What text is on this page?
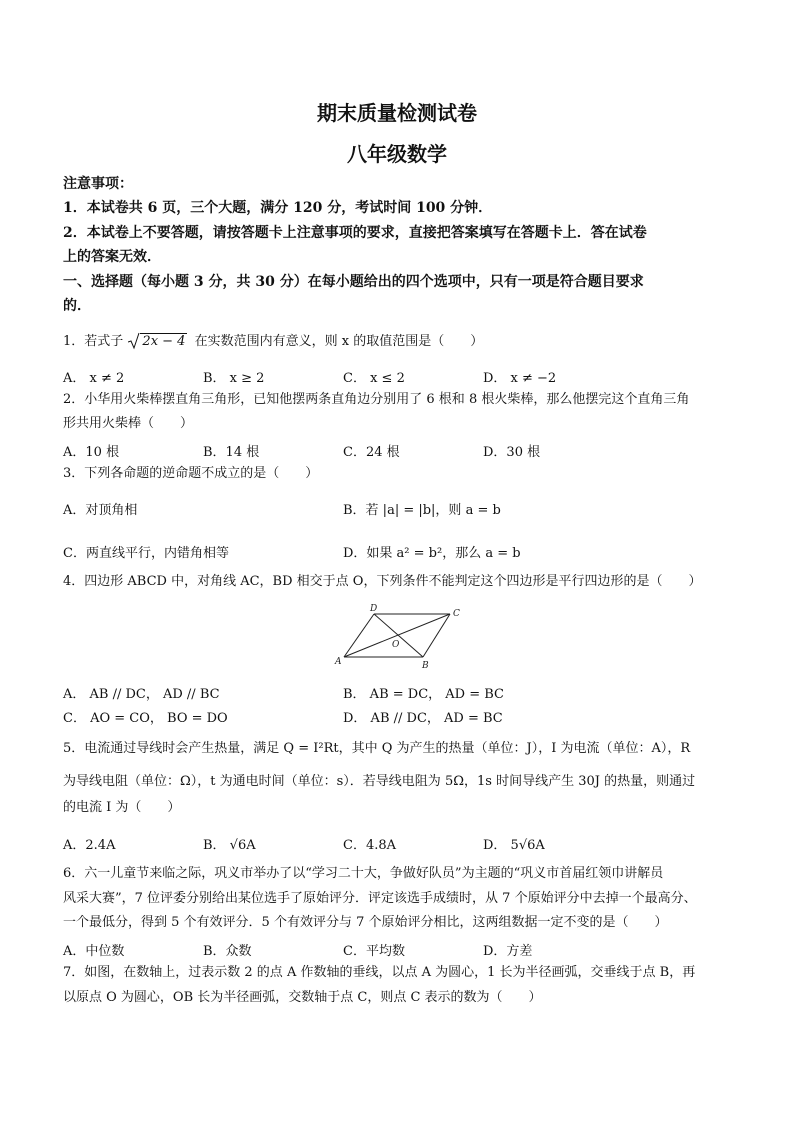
期末质量检测试卷
八年级数学
注意事项：
1．本试卷共 6 页，三个大题，满分 120 分，考试时间 100 分钟．
2．本试卷上不要答题，请按答题卡上注意事项的要求，直接把答案填写在答题卡上．答在试卷
上的答案无效．
一、选择题（每小题 3 分，共 30 分）在每小题给出的四个选项中，只有一项是符合题目要求
的．
1．若式子 2x − 4 在实数范围内有意义，则 x 的取值范围是（　　）
A． x ≠ 2	B． x ≥ 2	C． x ≤ 2	D． x ≠ −2
2．小华用火柴棒摆直角三角形，已知他摆两条直角边分别用了 6 根和 8 根火柴棒，那么他摆完这个直角三角
形共用火柴棒（　　）
A．10 根	B．14 根	C．24 根	D．30 根
3．下列各命题的逆命题不成立的是（　　）
A．对顶角相	B．若 |a| = |b|，则 a = b
C．两直线平行，内错角相等	D．如果 a² = b²，那么 a = b
4．四边形 ABCD 中，对角线 AC，BD 相交于点 O，下列条件不能判定这个四边形是平行四边形的是（　　）
A	B
C
D
O
A． AB // DC， AD // BC	B． AB = DC， AD = BC
C． AO = CO， BO = DO	D． AB // DC， AD = BC
5．电流通过导线时会产生热量，满足 Q = I²Rt，其中 Q 为产生的热量（单位：J），I 为电流（单位：A），R
为导线电阻（单位：Ω），t 为通电时间（单位：s）．若导线电阻为 5Ω，1s 时间导线产生 30J 的热量，则通过
的电流 I 为（　　）
A．2.4A	B． √6A	C．4.8A	D． 5√6A
6．六一儿童节来临之际，巩义市举办了以“学习二十大，争做好队员”为主题的“巩义市首届红领巾讲解员
风采大赛”，7 位评委分别给出某位选手了原始评分．评定该选手成绩时，从 7 个原始评分中去掉一个最高分、
一个最低分，得到 5 个有效评分．5 个有效评分与 7 个原始评分相比，这两组数据一定不变的是（　　）
A．中位数	B．众数	C．平均数	D．方差
7．如图，在数轴上，过表示数 2 的点 A 作数轴的垂线，以点 A 为圆心，1 长为半径画弧，交垂线于点 B，再
以原点 O 为圆心，OB 长为半径画弧，交数轴于点 C，则点 C 表示的数为（　　）
